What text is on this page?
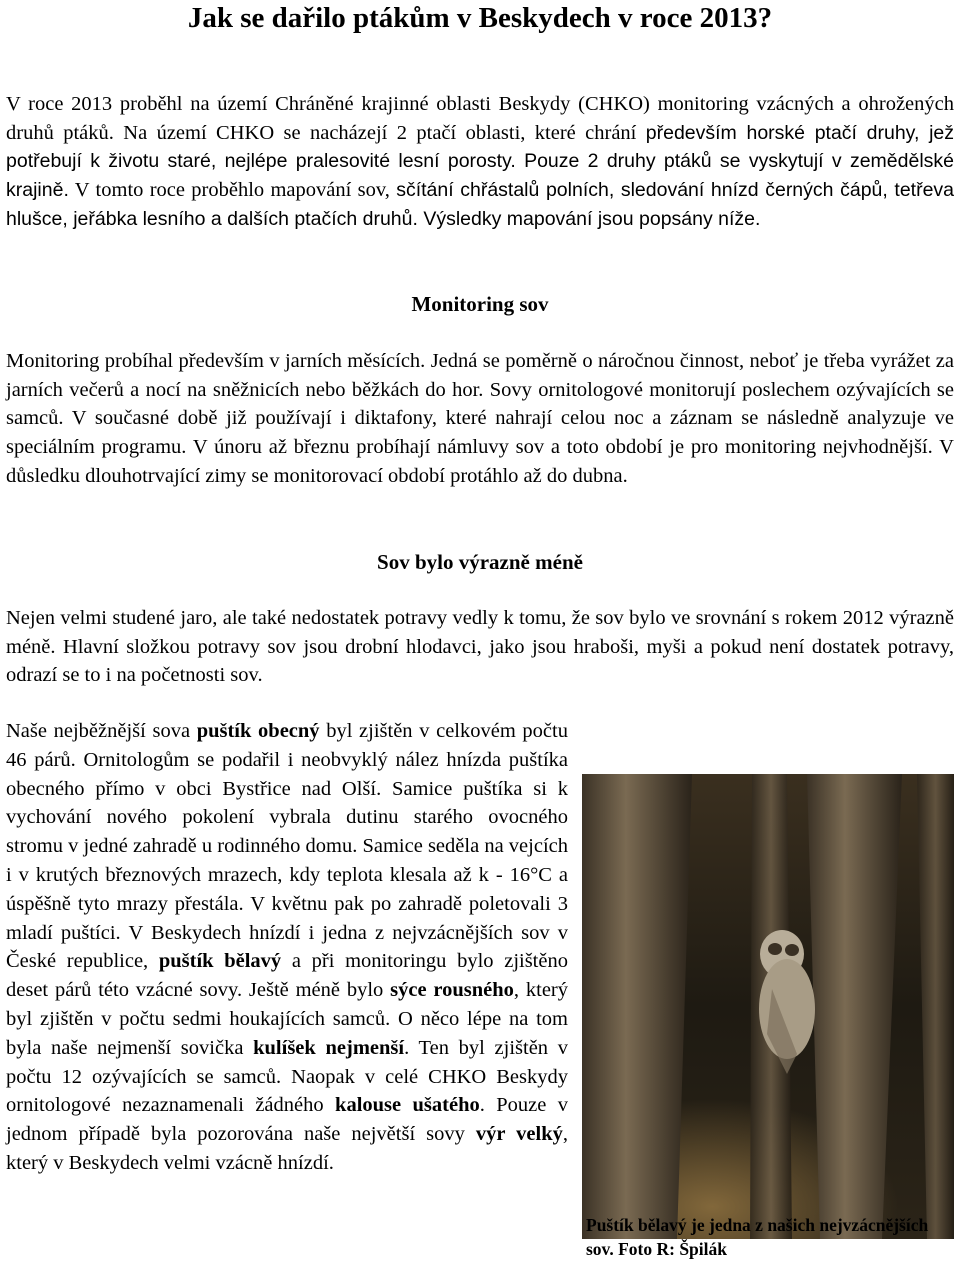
Jak se dařilo ptákům v Beskydech v roce 2013?

V roce 2013 proběhl na území Chráněné krajinné oblasti Beskydy (CHKO) monitoring vzácných a ohrožených druhů ptáků. Na území CHKO se nacházejí 2 ptačí oblasti, které chrání především horské ptačí druhy, jež potřebují k životu staré, nejlépe pralesovité lesní porosty. Pouze 2 druhy ptáků se vyskytují v zemědělské krajině. V tomto roce proběhlo mapování sov, sčítání chřástalů polních, sledování hnízd černých čápů, tetřeva hlušce, jeřábka lesního a dalších ptačích druhů. Výsledky mapování jsou popsány níže.

Monitoring sov

Monitoring probíhal především v jarních měsících. Jedná se poměrně o náročnou činnost, neboť je třeba vyrážet za jarních večerů a nocí na sněžnicích nebo běžkách do hor. Sovy ornitologové monitorují poslechem ozývajících se samců. V současné době již používají i diktafony, které nahrají celou noc a záznam se následně analyzuje ve speciálním programu. V únoru až březnu probíhají námluvy sov a toto období je pro monitoring nejvhodnější. V důsledku dlouhotrvající zimy se monitorovací období protáhlo až do dubna.

Sov bylo výrazně méně

Nejen velmi studené jaro, ale také nedostatek potravy vedly k tomu, že sov bylo ve srovnání s rokem 2012 výrazně méně. Hlavní složkou potravy sov jsou drobní hlodavci, jako jsou hraboši, myši a pokud není dostatek potravy, odrazí se to i na početnosti sov.

Naše nejběžnější sova puštík obecný byl zjištěn v celkovém počtu 46 párů. Ornitologům se podařil i neobvyklý nález hnízda puštíka obecného přímo v obci Bystřice nad Olší. Samice puštíka si k vychování nového pokolení vybrala dutinu starého ovocného stromu v jedné zahradě u rodinného domu. Samice seděla na vejcích i v krutých březnových mrazech, kdy teplota klesala až k - 16°C a úspěšně tyto mrazy přestála. V květnu pak po zahradě poletovali 3 mladí puštíci. V Beskydech hnízdí i jedna z nejvzácnějších sov v České republice, puštík bělavý a při monitoringu bylo zjištěno deset párů této vzácné sovy. Ještě méně bylo sýce rousného, který byl zjištěn v počtu sedmi houkajících samců. O něco lépe na tom byla naše nejmenší sovička kulíšek nejmenší. Ten byl zjištěn v počtu 12 ozývajících se samců. Naopak v celé CHKO Beskydy ornitologové nezaznamenali žádného kalouse ušatého. Pouze v jednom případě byla pozorována naše největší sovy výr velký, který v Beskydech velmi vzácně hnízdí.

Puštík bělavý je jedna z našich nejvzácnějších sov. Foto R: Špilák
